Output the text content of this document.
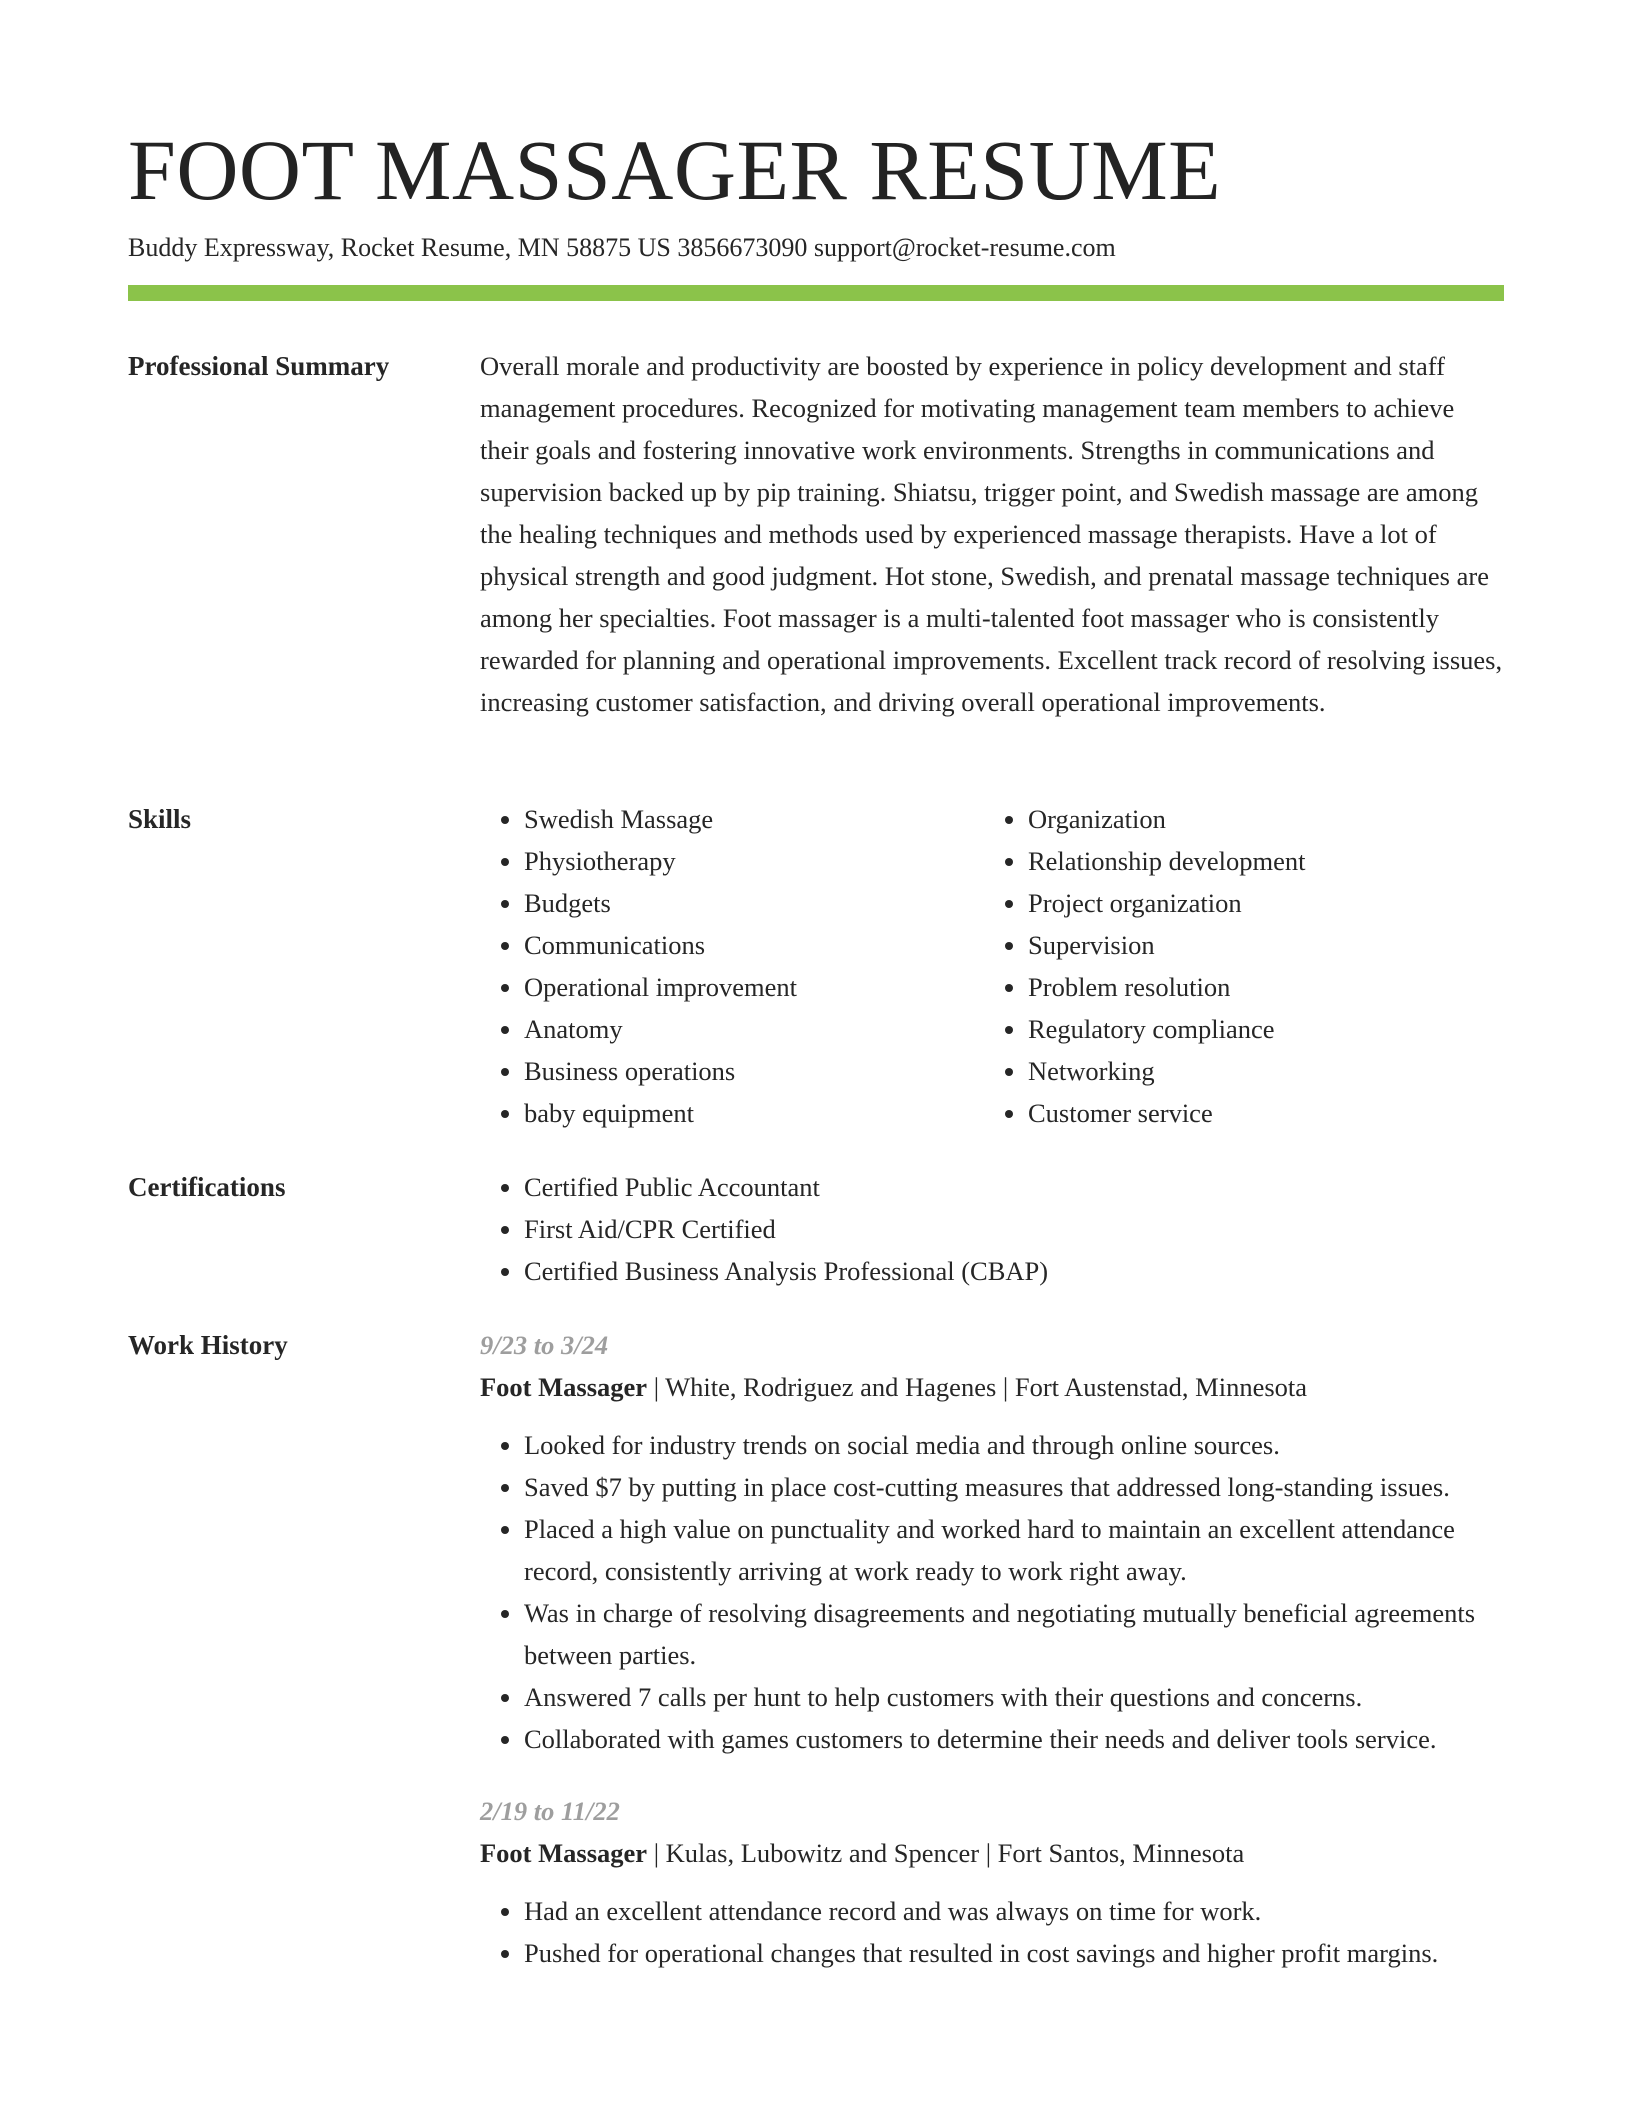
FOOT MASSAGER RESUME
Buddy Expressway, Rocket Resume, MN 58875 US 3856673090 support@rocket-resume.com
Professional Summary	Overall morale and productivity are boosted by experience in policy development and staff management procedures. Recognized for motivating management team members to achieve their goals and fostering innovative work environments. Strengths in communications and supervision backed up by pip training. Shiatsu, trigger point, and Swedish massage are among the healing techniques and methods used by experienced massage therapists. Have a lot of physical strength and good judgment. Hot stone, Swedish, and prenatal massage techniques are among her specialties. Foot massager is a multi-talented foot massager who is consistently rewarded for planning and operational improvements. Excellent track record of resolving issues, increasing customer satisfaction, and driving overall operational improvements.

Skills	• Swedish Massage
• Physiotherapy
• Budgets
• Communications
• Operational improvement
• Anatomy
• Business operations
• baby equipment
• Organization
• Relationship development
• Project organization
• Supervision
• Problem resolution
• Regulatory compliance
• Networking
• Customer service
Certifications	• Certified Public Accountant
• First Aid/CPR Certified
• Certified Business Analysis Professional (CBAP)
Work History	9/23 to 3/24
Foot Massager | White, Rodriguez and Hagenes | Fort Austenstad, Minnesota
• Looked for industry trends on social media and through online sources.
• Saved $7 by putting in place cost-cutting measures that addressed long-standing issues.
• Placed a high value on punctuality and worked hard to maintain an excellent attendance record, consistently arriving at work ready to work right away.
• Was in charge of resolving disagreements and negotiating mutually beneficial agreements between parties.
• Answered 7 calls per hunt to help customers with their questions and concerns.
• Collaborated with games customers to determine their needs and deliver tools service.
2/19 to 11/22
Foot Massager | Kulas, Lubowitz and Spencer | Fort Santos, Minnesota
• Had an excellent attendance record and was always on time for work.
• Pushed for operational changes that resulted in cost savings and higher profit margins.
